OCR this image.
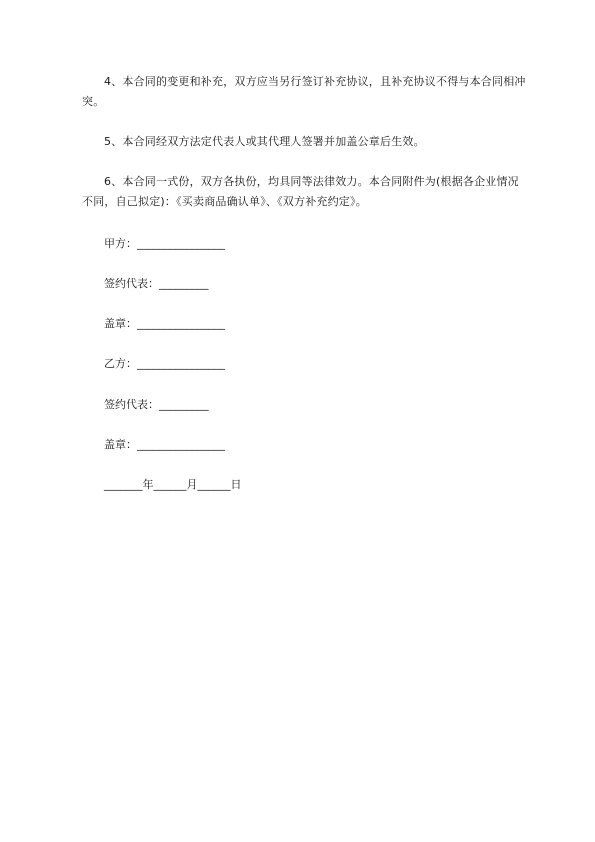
4、本合同的变更和补充，双方应当另行签订补充协议，且补充协议不得与本合同相冲突。

5、本合同经双方法定代表人或其代理人签署并加盖公章后生效。

6、本合同一式份，双方各执份，均具同等法律效力。本合同附件为(根据各企业情况不同，自己拟定)：《买卖商品确认单》、《双方补充约定》。

甲方：________________

签约代表：_________

盖章：________________

乙方：________________

签约代表：_________

盖章：________________

_______年______月______日
